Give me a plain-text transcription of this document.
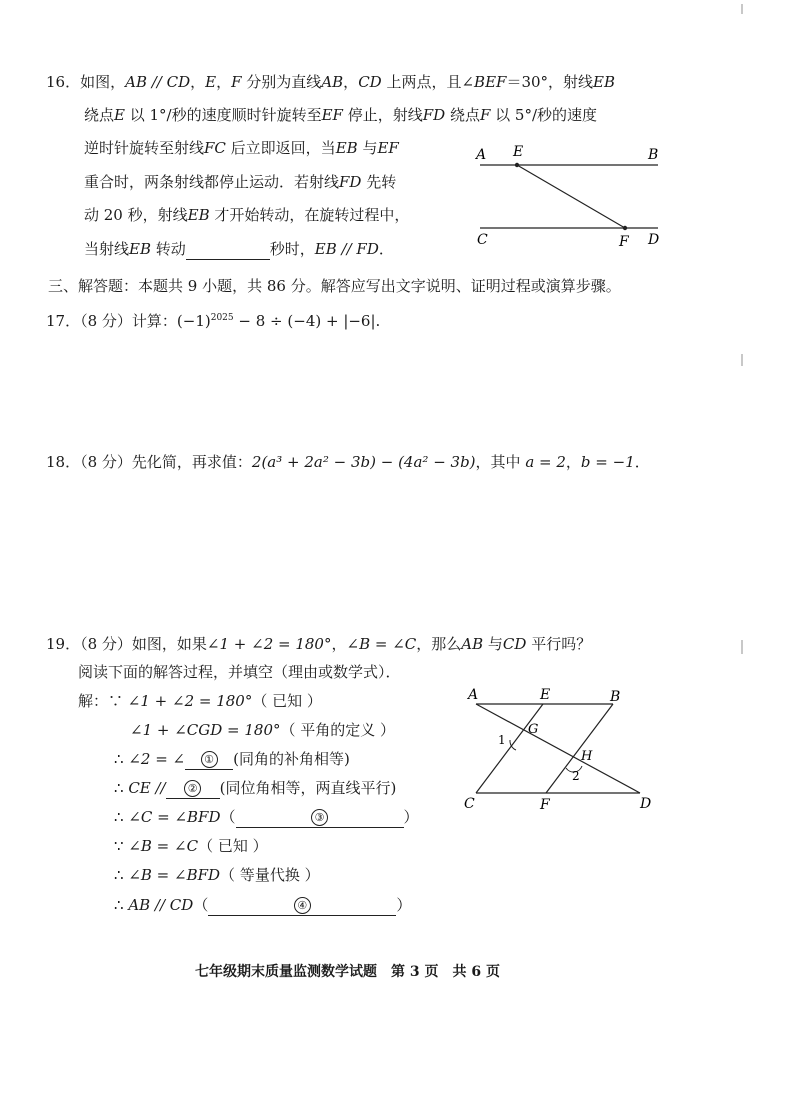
16．如图，AB // CD，E，F 分别为直线AB，CD 上两点，且∠BEF＝30°，射线EB
绕点E 以 1°/秒的速度顺时针旋转至EF 停止，射线FD 绕点F 以 5°/秒的速度
逆时针旋转至射线FC 后立即返回，当EB 与EF
重合时，两条射线都停止运动．若射线FD 先转
动 20 秒，射线EB 才开始转动，在旋转过程中，
当射线EB 转动	秒时，EB // FD．
A E	B
C	F D
三、解答题：本题共 9 小题，共 86 分。解答应写出文字说明、证明过程或演算步骤。
17．（8 分）计算：$(-1)^{2025} - 8 \div (-4) + |-6|$.
18．（8 分）先化简，再求值：2(a³ + 2a² − 3b) − (4a² − 3b)，其中 a = 2，b = −1．
19．（8 分）如图，如果∠1 + ∠2 = 180°，∠B = ∠C，那么AB 与CD 平行吗？
阅读下面的解答过程，并填空（理由或数学式）．
解：∵ ∠1 + ∠2 = 180°（ 已知 ）
∠1 + ∠CGD = 180°（ 平角的定义 ）
∴ ∠2 = ∠ ① (同角的补角相等)
∴ CE // ② (同位角相等，两直线平行)
∴ ∠C = ∠BFD（	③	）
∵ ∠B = ∠C（ 已知 ）
∴ ∠B = ∠BFD（ 等量代换 ）
∴ AB // CD（	④	）
A	E	B
G
1
H
2
C	F	D
七年级期末质量监测数学试题　第 3 页　共 6 页
